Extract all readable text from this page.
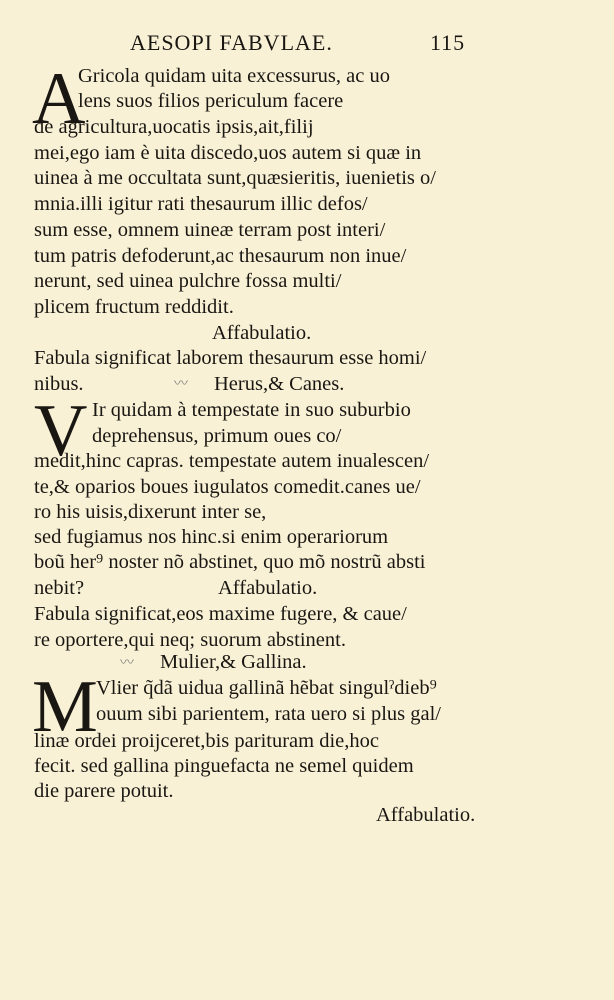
AESOPI FABVLAE.	115
A
Gricola quidam uita excessurus, ac uo
lens suos filios periculum facere
de agricultura,uocatis ipsis,ait,filij
mei,ego iam è uita discedo,uos autem si quæ in
uinea à me occultata sunt,quæsieritis, iuenietis o/
mnia.illi igitur rati thesaurum illic defos/
sum esse, omnem uineæ terram post interi/
tum patris defoderunt,ac thesaurum non inue/
nerunt, sed uinea pulchre fossa multi/
plicem fructum reddidit.
Affabulatio.
Fabula significat laborem thesaurum esse homi/
nibus.	〰 Herus,& Canes.
V Ir quidam à tempestate in suo suburbio
deprehensus, primum oues co/
medit,hinc capras. tempestate autem inualescen/
te,& oparios boues iugulatos comedit.canes ue/
ro his uisis,dixerunt inter se,
sed fugiamus nos hinc.si enim operariorum
boũ her⁹ noster nõ abstinet, quo mõ nostrũ absti
nebit?	Affabulatio.
Fabula significat,eos maxime fugere, & caue/
re oportere,qui neq; suorum abstinent.
〰 Mulier,& Gallina.
M
Vlier q̃dã uidua gallinã hẽbat singulˀdieb⁹
ouum sibi parientem, rata uero si plus gal/
linæ ordei proijceret,bis parituram die,hoc
fecit. sed gallina pinguefacta ne semel quidem
die parere potuit.
Affabulatio.
